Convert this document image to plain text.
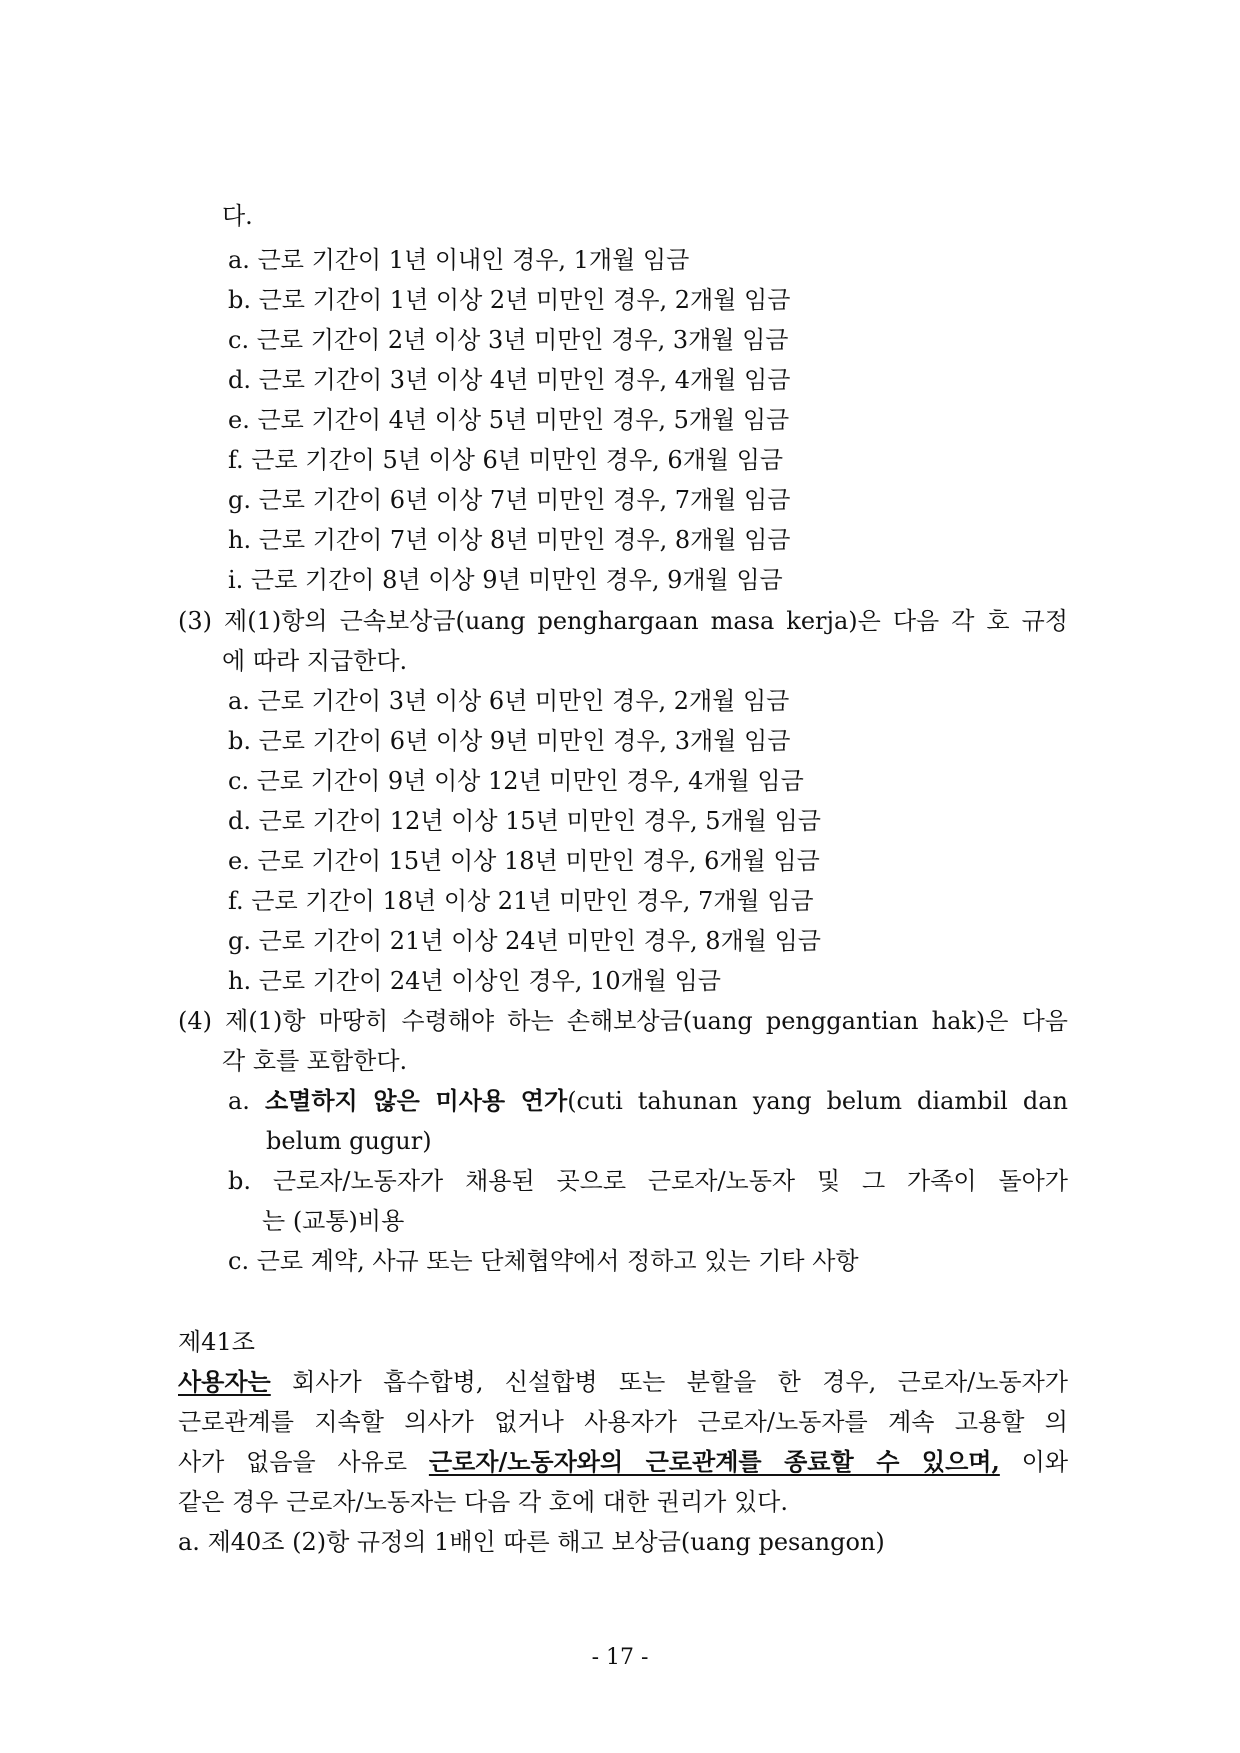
다.
a. 근로 기간이 1년 이내인 경우, 1개월 임금
b. 근로 기간이 1년 이상 2년 미만인 경우, 2개월 임금
c. 근로 기간이 2년 이상 3년 미만인 경우, 3개월 임금
d. 근로 기간이 3년 이상 4년 미만인 경우, 4개월 임금
e. 근로 기간이 4년 이상 5년 미만인 경우, 5개월 임금
f. 근로 기간이 5년 이상 6년 미만인 경우, 6개월 임금
g. 근로 기간이 6년 이상 7년 미만인 경우, 7개월 임금
h. 근로 기간이 7년 이상 8년 미만인 경우, 8개월 임금
i. 근로 기간이 8년 이상 9년 미만인 경우, 9개월 임금
(3) 제(1)항의 근속보상금(uang penghargaan masa kerja)은 다음 각 호 규정
에 따라 지급한다.
a. 근로 기간이 3년 이상 6년 미만인 경우, 2개월 임금
b. 근로 기간이 6년 이상 9년 미만인 경우, 3개월 임금
c. 근로 기간이 9년 이상 12년 미만인 경우, 4개월 임금
d. 근로 기간이 12년 이상 15년 미만인 경우, 5개월 임금
e. 근로 기간이 15년 이상 18년 미만인 경우, 6개월 임금
f. 근로 기간이 18년 이상 21년 미만인 경우, 7개월 임금
g. 근로 기간이 21년 이상 24년 미만인 경우, 8개월 임금
h. 근로 기간이 24년 이상인 경우, 10개월 임금
(4) 제(1)항 마땅히 수령해야 하는 손해보상금(uang penggantian hak)은 다음
각 호를 포함한다.
a. 소멸하지 않은 미사용 연가(cuti tahunan yang belum diambil dan
belum gugur)
b. 근로자/노동자가 채용된 곳으로 근로자/노동자 및 그 가족이 돌아가
는 (교통)비용
c. 근로 계약, 사규 또는 단체협약에서 정하고 있는 기타 사항
제41조
사용자는 회사가 흡수합병, 신설합병 또는 분할을 한 경우, 근로자/노동자가
근로관계를 지속할 의사가 없거나 사용자가 근로자/노동자를 계속 고용할 의
사가 없음을 사유로 근로자/노동자와의 근로관계를 종료할 수 있으며, 이와
같은 경우 근로자/노동자는 다음 각 호에 대한 권리가 있다.
a. 제40조 (2)항 규정의 1배인 따른 해고 보상금(uang pesangon)
- 17 -
